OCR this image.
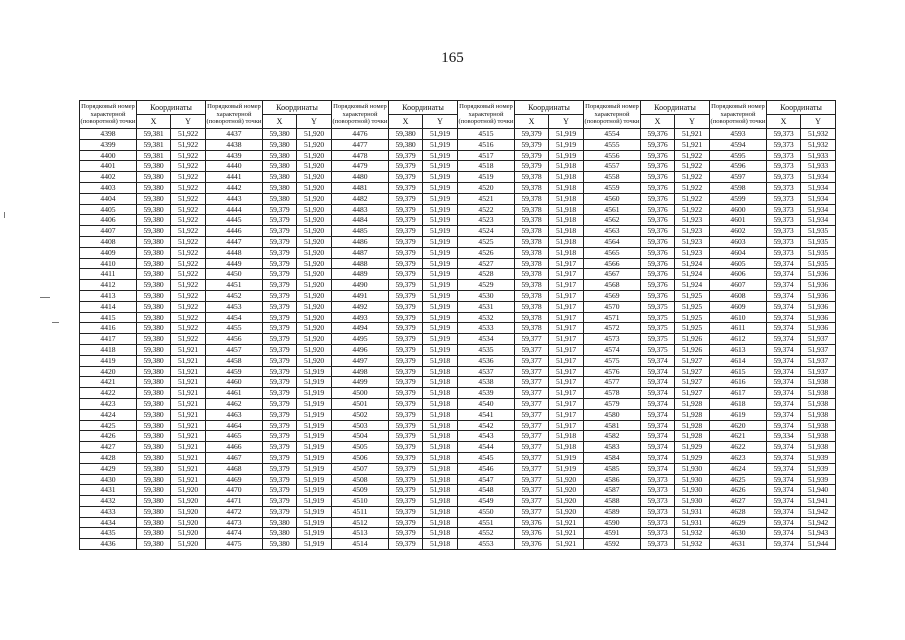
165
Порядковый номер характерной (поворотной) точки	Координаты		Порядковый номер характерной (поворотной) точки	Координаты		Порядковый номер характерной (поворотной) точки	Координаты		Порядковый номер характерной (поворотной) точки	Координаты		Порядковый номер характерной (поворотной) точки	Координаты		Порядковый номер характерной (поворотной) точки	Координаты	
	X	Y		X	Y		X	Y		X	Y		X	Y		X	Y
4398	59,381	51,922	4437	59,380	51,920	4476	59,380	51,919	4515	59,379	51,919	4554	59,376	51,921	4593	59,373	51,932
4399	59,381	51,922	4438	59,380	51,920	4477	59,380	51,919	4516	59,379	51,919	4555	59,376	51,921	4594	59,373	51,932
4400	59,381	51,922	4439	59,380	51,920	4478	59,379	51,919	4517	59,379	51,919	4556	59,376	51,922	4595	59,373	51,933
4401	59,380	51,922	4440	59,380	51,920	4479	59,379	51,919	4518	59,379	51,918	4557	59,376	51,922	4596	59,373	51,933
4402	59,380	51,922	4441	59,380	51,920	4480	59,379	51,919	4519	59,378	51,918	4558	59,376	51,922	4597	59,373	51,934
4403	59,380	51,922	4442	59,380	51,920	4481	59,379	51,919	4520	59,378	51,918	4559	59,376	51,922	4598	59,373	51,934
4404	59,380	51,922	4443	59,380	51,920	4482	59,379	51,919	4521	59,378	51,918	4560	59,376	51,922	4599	59,373	51,934
4405	59,380	51,922	4444	59,379	51,920	4483	59,379	51,919	4522	59,378	51,918	4561	59,376	51,922	4600	59,373	51,934
4406	59,380	51,922	4445	59,379	51,920	4484	59,379	51,919	4523	59,378	51,918	4562	59,376	51,923	4601	59,373	51,934
4407	59,380	51,922	4446	59,379	51,920	4485	59,379	51,919	4524	59,378	51,918	4563	59,376	51,923	4602	59,373	51,935
4408	59,380	51,922	4447	59,379	51,920	4486	59,379	51,919	4525	59,378	51,918	4564	59,376	51,923	4603	59,373	51,935
4409	59,380	51,922	4448	59,379	51,920	4487	59,379	51,919	4526	59,378	51,918	4565	59,376	51,923	4604	59,373	51,935
4410	59,380	51,922	4449	59,379	51,920	4488	59,379	51,919	4527	59,378	51,917	4566	59,376	51,924	4605	59,374	51,935
4411	59,380	51,922	4450	59,379	51,920	4489	59,379	51,919	4528	59,378	51,917	4567	59,376	51,924	4606	59,374	51,936
4412	59,380	51,922	4451	59,379	51,920	4490	59,379	51,919	4529	59,378	51,917	4568	59,376	51,924	4607	59,374	51,936
4413	59,380	51,922	4452	59,379	51,920	4491	59,379	51,919	4530	59,378	51,917	4569	59,376	51,925	4608	59,374	51,936
4414	59,380	51,922	4453	59,379	51,920	4492	59,379	51,919	4531	59,378	51,917	4570	59,375	51,925	4609	59,374	51,936
4415	59,380	51,922	4454	59,379	51,920	4493	59,379	51,919	4532	59,378	51,917	4571	59,375	51,925	4610	59,374	51,936
4416	59,380	51,922	4455	59,379	51,920	4494	59,379	51,919	4533	59,378	51,917	4572	59,375	51,925	4611	59,374	51,936
4417	59,380	51,922	4456	59,379	51,920	4495	59,379	51,919	4534	59,377	51,917	4573	59,375	51,926	4612	59,374	51,937
4418	59,380	51,921	4457	59,379	51,920	4496	59,379	51,919	4535	59,377	51,917	4574	59,375	51,926	4613	59,374	51,937
4419	59,380	51,921	4458	59,379	51,920	4497	59,379	51,918	4536	59,377	51,917	4575	59,374	51,927	4614	59,374	51,937
4420	59,380	51,921	4459	59,379	51,919	4498	59,379	51,918	4537	59,377	51,917	4576	59,374	51,927	4615	59,374	51,937
4421	59,380	51,921	4460	59,379	51,919	4499	59,379	51,918	4538	59,377	51,917	4577	59,374	51,927	4616	59,374	51,938
4422	59,380	51,921	4461	59,379	51,919	4500	59,379	51,918	4539	59,377	51,917	4578	59,374	51,927	4617	59,374	51,938
4423	59,380	51,921	4462	59,379	51,919	4501	59,379	51,918	4540	59,377	51,917	4579	59,374	51,928	4618	59,374	51,938
4424	59,380	51,921	4463	59,379	51,919	4502	59,379	51,918	4541	59,377	51,917	4580	59,374	51,928	4619	59,374	51,938
4425	59,380	51,921	4464	59,379	51,919	4503	59,379	51,918	4542	59,377	51,917	4581	59,374	51,928	4620	59,374	51,938
4426	59,380	51,921	4465	59,379	51,919	4504	59,379	51,918	4543	59,377	51,918	4582	59,374	51,928	4621	59,334	51,938
4427	59,380	51,921	4466	59,379	51,919	4505	59,379	51,918	4544	59,377	51,918	4583	59,374	51,929	4622	59,374	51,938
4428	59,380	51,921	4467	59,379	51,919	4506	59,379	51,918	4545	59,377	51,919	4584	59,374	51,929	4623	59,374	51,939
4429	59,380	51,921	4468	59,379	51,919	4507	59,379	51,918	4546	59,377	51,919	4585	59,374	51,930	4624	59,374	51,939
4430	59,380	51,921	4469	59,379	51,919	4508	59,379	51,918	4547	59,377	51,920	4586	59,373	51,930	4625	59,374	51,939
4431	59,380	51,920	4470	59,379	51,919	4509	59,379	51,918	4548	59,377	51,920	4587	59,373	51,930	4626	59,374	51,940
4432	59,380	51,920	4471	59,379	51,919	4510	59,379	51,918	4549	59,377	51,920	4588	59,373	51,930	4627	59,374	51,941
4433	59,380	51,920	4472	59,379	51,919	4511	59,379	51,918	4550	59,377	51,920	4589	59,373	51,931	4628	59,374	51,942
4434	59,380	51,920	4473	59,380	51,919	4512	59,379	51,918	4551	59,376	51,921	4590	59,373	51,931	4629	59,374	51,942
4435	59,380	51,920	4474	59,380	51,919	4513	59,379	51,918	4552	59,376	51,921	4591	59,373	51,932	4630	59,374	51,943
4436	59,380	51,920	4475	59,380	51,919	4514	59,379	51,918	4553	59,376	51,921	4592	59,373	51,932	4631	59,374	51,944
